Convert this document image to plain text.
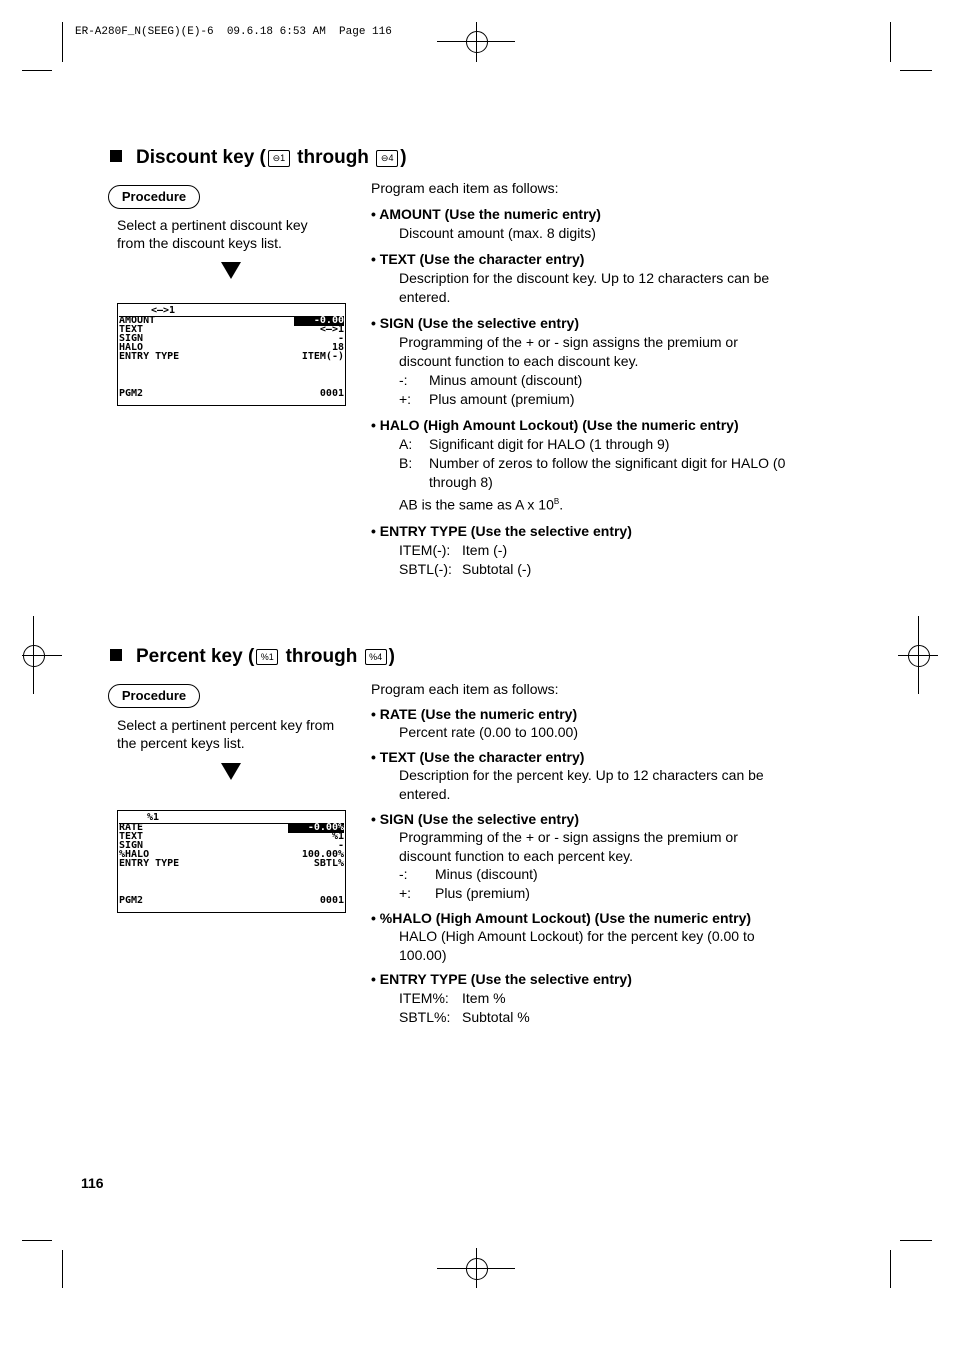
ER-A280F_N(SEEG)(E)-6  09.6.18 6:53 AM  Page 116
Discount key ( ⊖1 through ⊖4 )
Procedure
Select a pertinent discount key
from the discount keys list.
<—>1
AMOUNT	-0.00
TEXT	<—>1
SIGN	-
HALO	18
ENTRY TYPE	ITEM(-)
PGM2	0001
Program each item as follows:
• AMOUNT (Use the numeric entry)
Discount amount (max. 8 digits)
• TEXT (Use the character entry)
Description for the discount key. Up to 12 characters can be
entered.
• SIGN (Use the selective entry)
Programming of the + or - sign assigns the premium or
discount function to each discount key.
-: Minus amount (discount)
+: Plus amount (premium)
• HALO (High Amount Lockout) (Use the numeric entry)
A: Significant digit for HALO (1 through 9)
B: Number of zeros to follow the significant digit for HALO (0
through 8)
AB is the same as A x $10^B$.
• ENTRY TYPE (Use the selective entry)
ITEM(-): Item (-)
SBTL(-): Subtotal (-)
Percent key ( %1 through %4 )
Procedure
Select a pertinent percent key from
the percent keys list.
%1
RATE	-0.00%
TEXT	%1
SIGN	-
%HALO	100.00%
ENTRY TYPE	SBTL%
PGM2	0001
Program each item as follows:
• RATE (Use the numeric entry)
Percent rate (0.00 to 100.00)
• TEXT (Use the character entry)
Description for the percent key. Up to 12 characters can be
entered.
• SIGN (Use the selective entry)
Programming of the + or - sign assigns the premium or
discount function to each percent key.
-: Minus (discount)
+: Plus (premium)
• %HALO (High Amount Lockout) (Use the numeric entry)
HALO (High Amount Lockout) for the percent key (0.00 to
100.00)
• ENTRY TYPE (Use the selective entry)
ITEM%: Item %
SBTL%: Subtotal %
116
